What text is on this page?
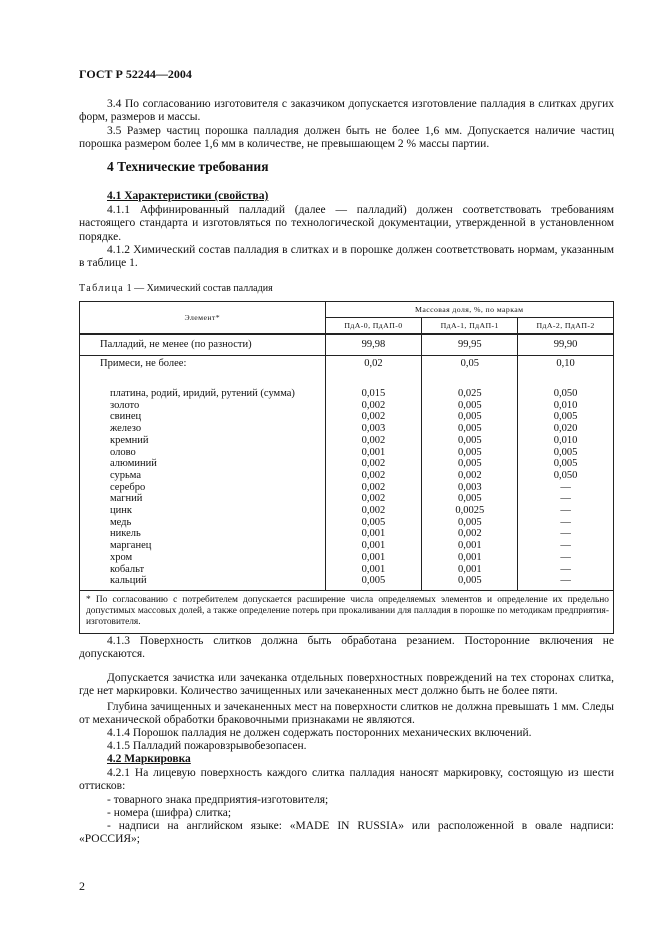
ГОСТ Р 52244—2004

3.4 По согласованию изготовителя с заказчиком допускается изготовление палладия в слитках других форм, размеров и массы.

3.5 Размер частиц порошка палладия должен быть не более 1,6 мм. Допускается наличие частиц порошка размером более 1,6 мм в количестве, не превышающем 2 % массы партии.

4 Технические требования
4.1 Характеристики (свойства)

4.1.1 Аффинированный палладий (далее — палладий) должен соответствовать требованиям настоящего стандарта и изготовляться по технологической документации, утвержденной в установленном порядке.

4.1.2 Химический состав палладия в слитках и в порошке должен соответствовать нормам, указанным в таблице 1.

Таблица 1 — Химический состав палладия
Элемент*	Массовая доля, %, по маркам		
	ПдА-0, ПдАП-0	ПдА-1, ПдАП-1	ПдА-2, ПдАП-2
Палладий, не менее (по разности)	99,98	99,95	99,90
Примеси, не более:	0,02	0,05	0,10
платина, родий, иридий, рутений (сумма)	0,015	0,025	0,050
золото	0,002	0,005	0,010
свинец	0,002	0,005	0,005
железо	0,003	0,005	0,020
кремний	0,002	0,005	0,010
олово	0,001	0,005	0,005
алюминий	0,002	0,005	0,005
сурьма	0,002	0,002	0,050
серебро	0,002	0,003	—
магний	0,002	0,005	—
цинк	0,002	0,0025	—
медь	0,005	0,005	—
никель	0,001	0,002	—
марганец	0,001	0,001	—
хром	0,001	0,001	—
кобальт	0,001	0,001	—
кальций	0,005	0,005	—
* По согласованию с потребителем допускается расширение числа определяемых элементов и определение их предельно допустимых массовых долей, а также определение потерь при прокаливании для палладия в порошке по методикам предприятия-изготовителя.			

4.1.3 Поверхность слитков должна быть обработана резанием. Посторонние включения не допускаются.

Допускается зачистка или зачеканка отдельных поверхностных повреждений на тех сторонах слитка, где нет маркировки. Количество зачищенных или зачеканенных мест должно быть не более пяти.

Глубина зачищенных и зачеканенных мест на поверхности слитков не должна превышать 1 мм. Следы от механической обработки браковочными признаками не являются.

4.1.4 Порошок палладия не должен содержать посторонних механических включений.

4.1.5 Палладий пожаровзрывобезопасен.

4.2 Маркировка

4.2.1 На лицевую поверхность каждого слитка палладия наносят маркировку, состоящую из шести оттисков:

- товарного знака предприятия-изготовителя;

- номера (шифра) слитка;

- надписи на английском языке: «MADE IN RUSSIA» или расположенной в овале надписи: «РОССИЯ»;

2
